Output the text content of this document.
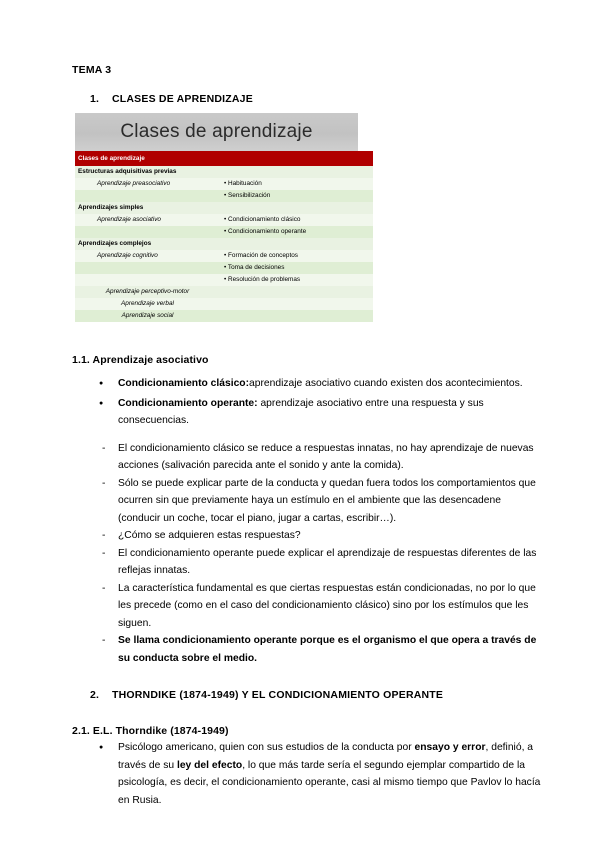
TEMA 3
1.	CLASES DE APRENDIZAJE
Clases de aprendizaje
Clases de aprendizaje	
Estructuras adquisitivas previas	
Aprendizaje preasociativo	• Habituación
	• Sensibilización
Aprendizajes simples	
Aprendizaje asociativo	• Condicionamiento clásico
	• Condicionamiento operante
Aprendizajes complejos	
Aprendizaje cognitivo	• Formación de conceptos
	• Toma de decisiones
	• Resolución de problemas
Aprendizaje perceptivo-motor	
Aprendizaje verbal	
Aprendizaje social	
1.1. Aprendizaje asociativo
● Condicionamiento clásico:aprendizaje asociativo cuando existen dos acontecimientos.
● Condicionamiento operante: aprendizaje asociativo entre una respuesta y sus consecuencias.
- El condicionamiento clásico se reduce a respuestas innatas, no hay aprendizaje de nuevas acciones (salivación parecida ante el sonido y ante la comida).
- Sólo se puede explicar parte de la conducta y quedan fuera todos los comportamientos que ocurren sin que previamente haya un estímulo en el ambiente que las desencadene (conducir un coche, tocar el piano, jugar a cartas, escribir…).
- ¿Cómo se adquieren estas respuestas?
- El condicionamiento operante puede explicar el aprendizaje de respuestas diferentes de las reflejas innatas.
- La característica fundamental es que ciertas respuestas están condicionadas, no por lo que les precede (como en el caso del condicionamiento clásico) sino por los estímulos que les siguen.
- Se llama condicionamiento operante porque es el organismo el que opera a través de su conducta sobre el medio.
2.	THORNDIKE (1874-1949) Y EL CONDICIONAMIENTO OPERANTE
2.1. E.L. Thorndike (1874-1949)
● Psicólogo americano, quien con sus estudios de la conducta por ensayo y error, definió, a través de su ley del efecto, lo que más tarde sería el segundo ejemplar compartido de la psicología, es decir, el condicionamiento operante, casi al mismo tiempo que Pavlov lo hacía en Rusia.
